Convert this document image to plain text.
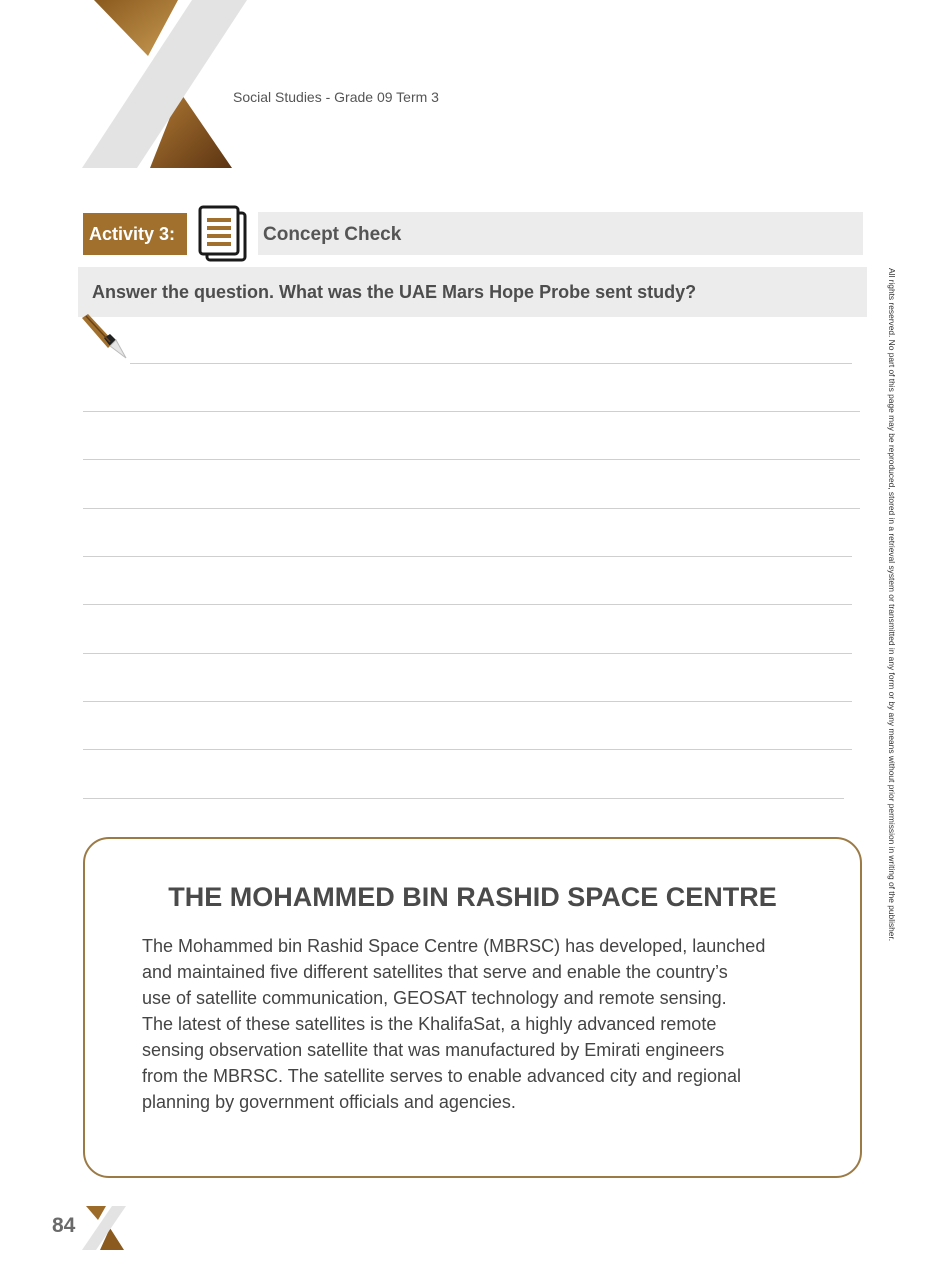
Social Studies - Grade 09 Term 3
Activity 3:	Concept Check
Answer the question. What was the UAE Mars Hope Probe sent study?	All rights reserved. No part of this page may be reproduced, stored in a retrieval system or transmitted in any form or by any means without prior permission in writing of the publisher.
THE MOHAMMED BIN RASHID SPACE CENTRE
The Mohammed bin Rashid Space Centre (MBRSC) has developed, launched
and maintained five different satellites that serve and enable the country’s
use of satellite communication, GEOSAT technology and remote sensing.
The latest of these satellites is the KhalifaSat, a highly advanced remote
sensing observation satellite that was manufactured by Emirati engineers
from the MBRSC. The satellite serves to enable advanced city and regional
planning by government officials and agencies.
84
